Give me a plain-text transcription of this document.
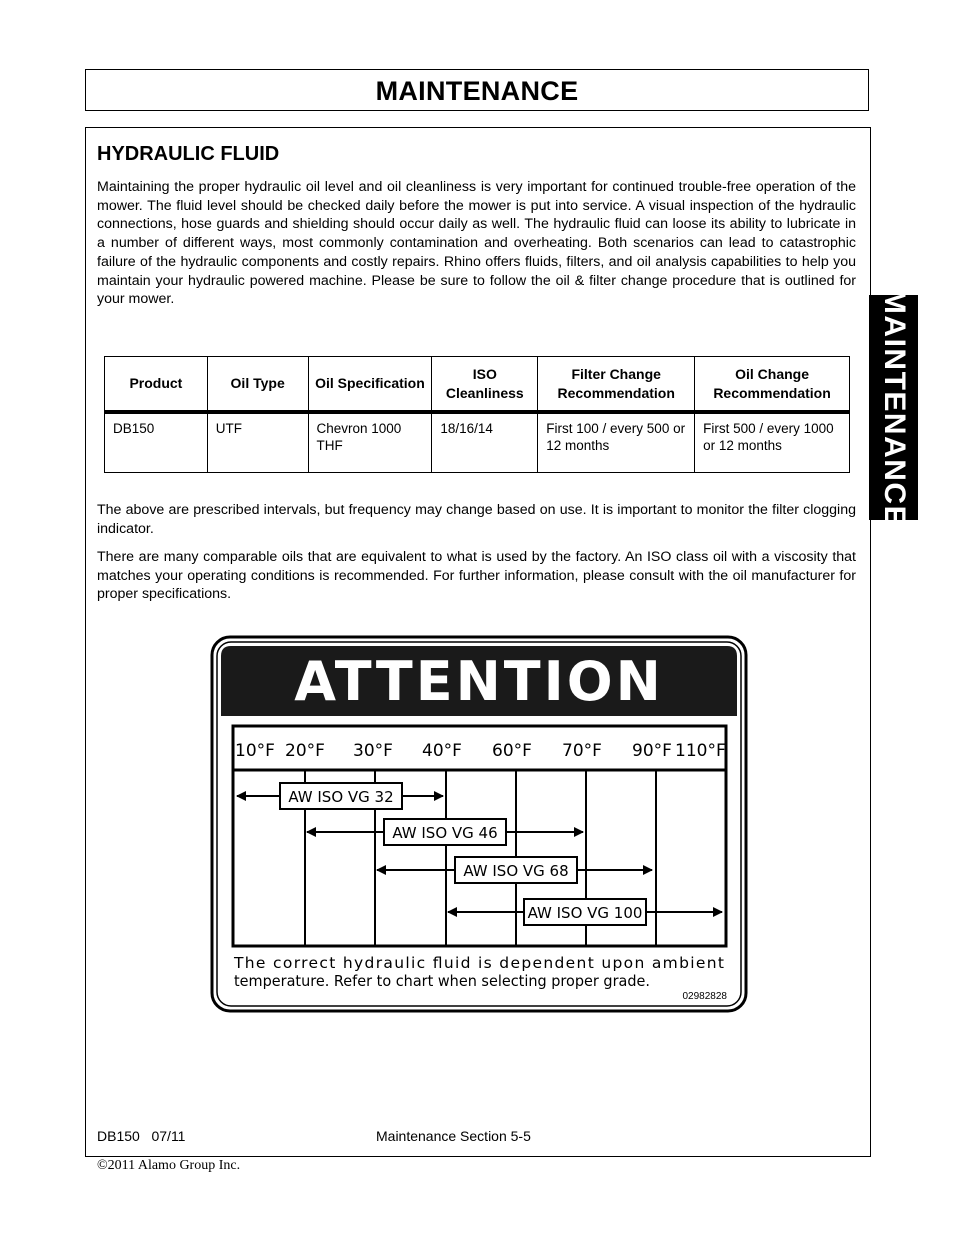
MAINTENANCE
MAINTENANCE
HYDRAULIC FLUID

Maintaining the proper hydraulic oil level and oil cleanliness is very important for continued trouble-free operation of the mower. The fluid level should be checked daily before the mower is put into service. A visual inspection of the hydraulic connections, hose guards and shielding should occur daily as well. The hydraulic fluid can loose its ability to lubricate in a number of different ways, most commonly contamination and overheating. Both scenarios can lead to catastrophic failure of the hydraulic components and costly repairs. Rhino offers fluids, filters, and oil analysis capabilities to help you maintain your hydraulic powered machine. Please be sure to follow the oil & filter change procedure that is outlined for your mower.

Product	Oil Type	Oil Specification	ISO Cleanliness	Filter Change Recommendation	Oil Change Recommendation
DB150	UTF	Chevron 1000 THF	18/16/14	First 100 / every 500 or 12 months	First 500 / every 1000 or 12 months

The above are prescribed intervals, but frequency may change based on use. It is important to monitor the filter clogging indicator.

There are many comparable oils that are equivalent to what is used by the factory. An ISO class oil with a viscosity that matches your operating conditions is recommended. For further information, please consult with the oil manufacturer for proper specifications.

ATTENTION
10°F 20°F 30°F 40°F 60°F 70°F 90°F 110°F
AW ISO VG 32
AW ISO VG 46
AW ISO VG 68
AW ISO VG 100
The correct hydraulic fluid is dependent upon ambient
temperature. Refer to chart when selecting proper grade.
02982828
DB150   07/11	Maintenance Section 5-5
©2011 Alamo Group Inc.
